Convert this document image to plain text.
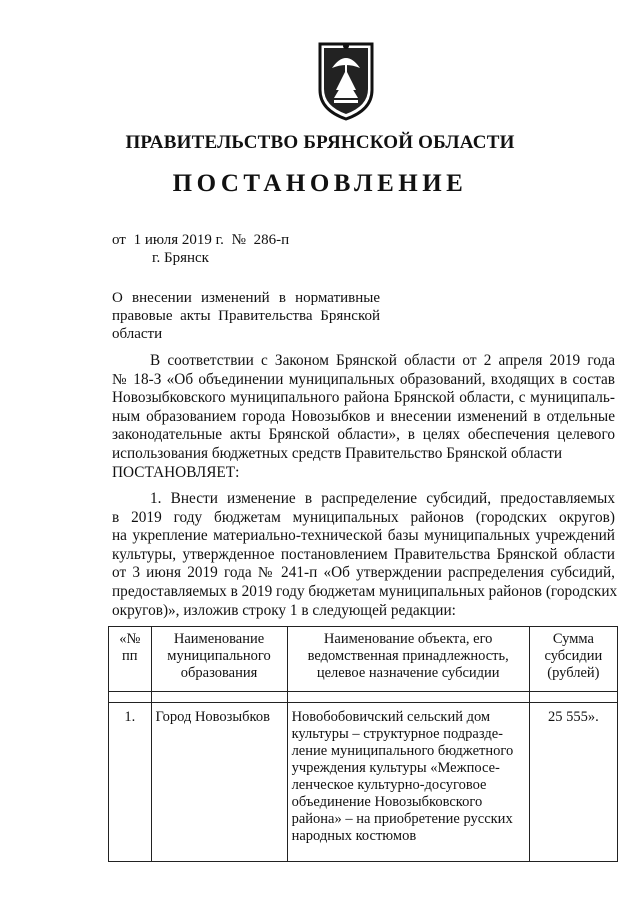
ПРАВИТЕЛЬСТВО БРЯНСКОЙ ОБЛАСТИ
ПОСТАНОВЛЕНИЕ
от 1 июля 2019 г. № 286-п
г. Брянск
О внесении изменений в нормативные правовые акты Правительства Брянской области
В соответствии с Законом Брянской области от 2 апреля 2019 года
№ 18-З «Об объединении муниципальных образований, входящих в состав
Новозыбковского муниципального района Брянской области, с муниципаль-
ным образованием города Новозыбков и внесении изменений в отдельные
законодательные акты Брянской области», в целях обеспечения целевого
использования бюджетных средств Правительство Брянской области
ПОСТАНОВЛЯЕТ:
1. Внести изменение в распределение субсидий, предоставляемых
в 2019 году бюджетам муниципальных районов (городских округов)
на укрепление материально-технической базы муниципальных учреждений
культуры, утвержденное постановлением Правительства Брянской области
от 3 июня 2019 года № 241-п «Об утверждении распределения субсидий,
предоставляемых в 2019 году бюджетам муниципальных районов (городских
округов)», изложив строку 1 в следующей редакции:
«№ пп	Наименование муниципального образования	Наименование объекта, его ведомственная принадлежность, целевое назначение субсидии	Сумма субсидии (рублей)

1.	Город Новозыбков	Новобобовичский сельский дом культуры – структурное подразде-ление муниципального бюджетного учреждения культуры «Межпосе-ленческое культурно-досуговое объединение Новозыбковского района» – на приобретение русских народных костюмов	25 555».
